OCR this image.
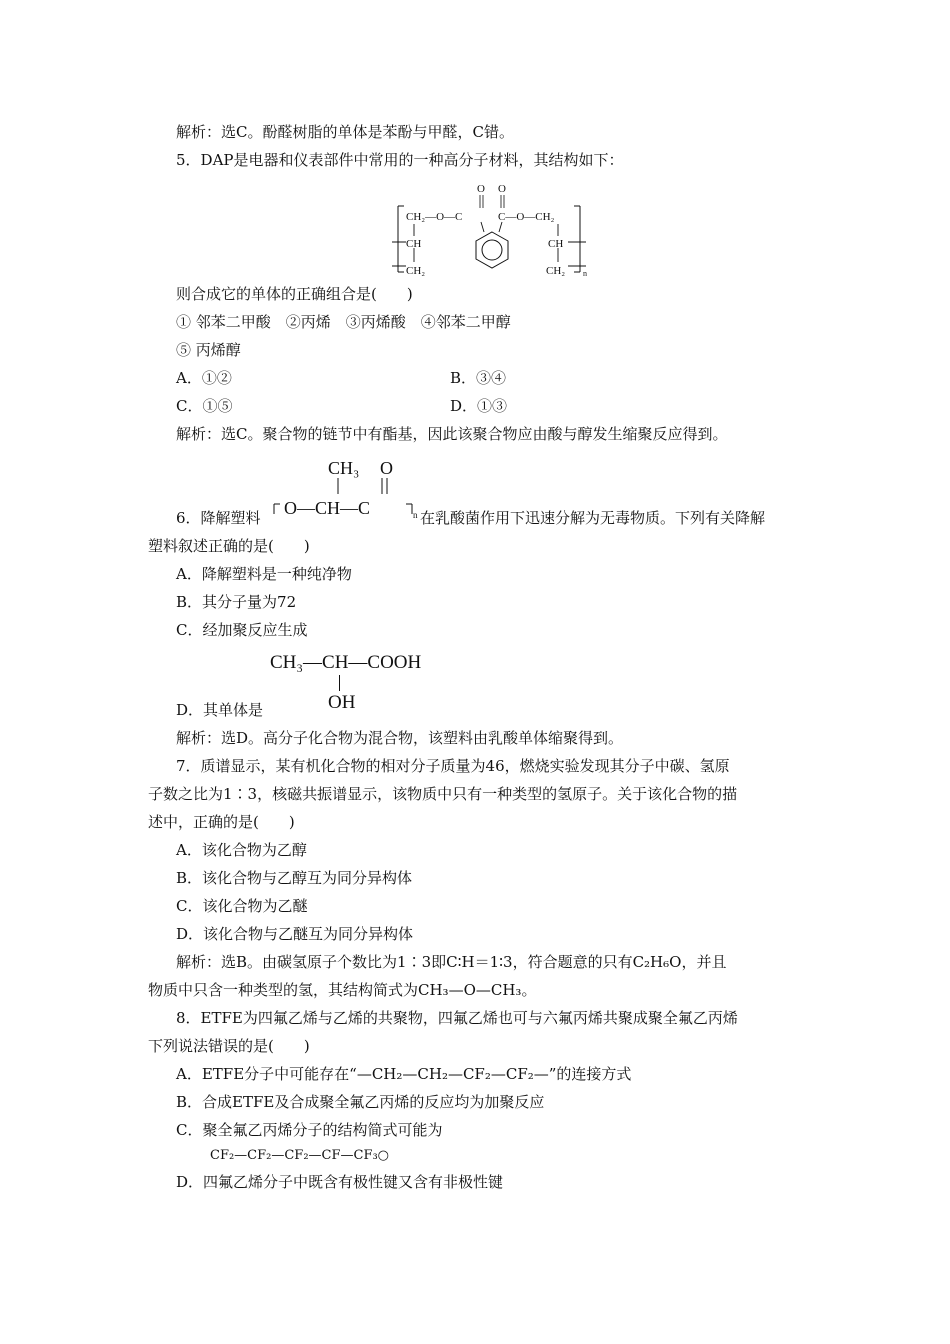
解析：选C。酚醛树脂的单体是苯酚与甲醛，C错。
5．DAP是电器和仪表部件中常用的一种高分子材料，其结构如下：
CH₂—O—C	C—O—CH₂
O O
CH
CH₂
CH
CH₂ n
则合成它的单体的正确组合是(　　)
① 邻苯二甲酸　②丙烯　③丙烯酸　④邻苯二甲醇
⑤ 丙烯醇
A．①②	B．③④
C．①⑤	D．①③
解析：选C。聚合物的链节中有酯基，因此该聚合物应由酸与醇发生缩聚反应得到。
6．降解塑料
CH₃ O
O—CH—C	n 在乳酸菌作用下迅速分解为无毒物质。下列有关降解
塑料叙述正确的是(　　)
A．降解塑料是一种纯净物
B．其分子量为72
C．经加聚反应生成
CH₃—CH—COOH
OH
D．其单体是
解析：选D。高分子化合物为混合物，该塑料由乳酸单体缩聚得到。
7．质谱显示，某有机化合物的相对分子质量为46，燃烧实验发现其分子中碳、氢原
子数之比为1∶3，核磁共振谱显示，该物质中只有一种类型的氢原子。关于该化合物的描
述中，正确的是(　　)
A．该化合物为乙醇
B．该化合物与乙醇互为同分异构体
C．该化合物为乙醚
D．该化合物与乙醚互为同分异构体
解析：选B。由碳氢原子个数比为1∶3即C∶H＝1∶3，符合题意的只有C₂H₆O，并且
物质中只含一种类型的氢，其结构简式为CH₃—O—CH₃。
8．ETFE为四氟乙烯与乙烯的共聚物，四氟乙烯也可与六氟丙烯共聚成聚全氟乙丙烯
下列说法错误的是(　　)
A．ETFE分子中可能存在“—CH₂—CH₂—CF₂—CF₂—”的连接方式
B．合成ETFE及合成聚全氟乙丙烯的反应均为加聚反应
C．聚全氟乙丙烯分子的结构简式可能为
CF₂—CF₂—CF₂—CF—CF₃○
D．四氟乙烯分子中既含有极性键又含有非极性键
